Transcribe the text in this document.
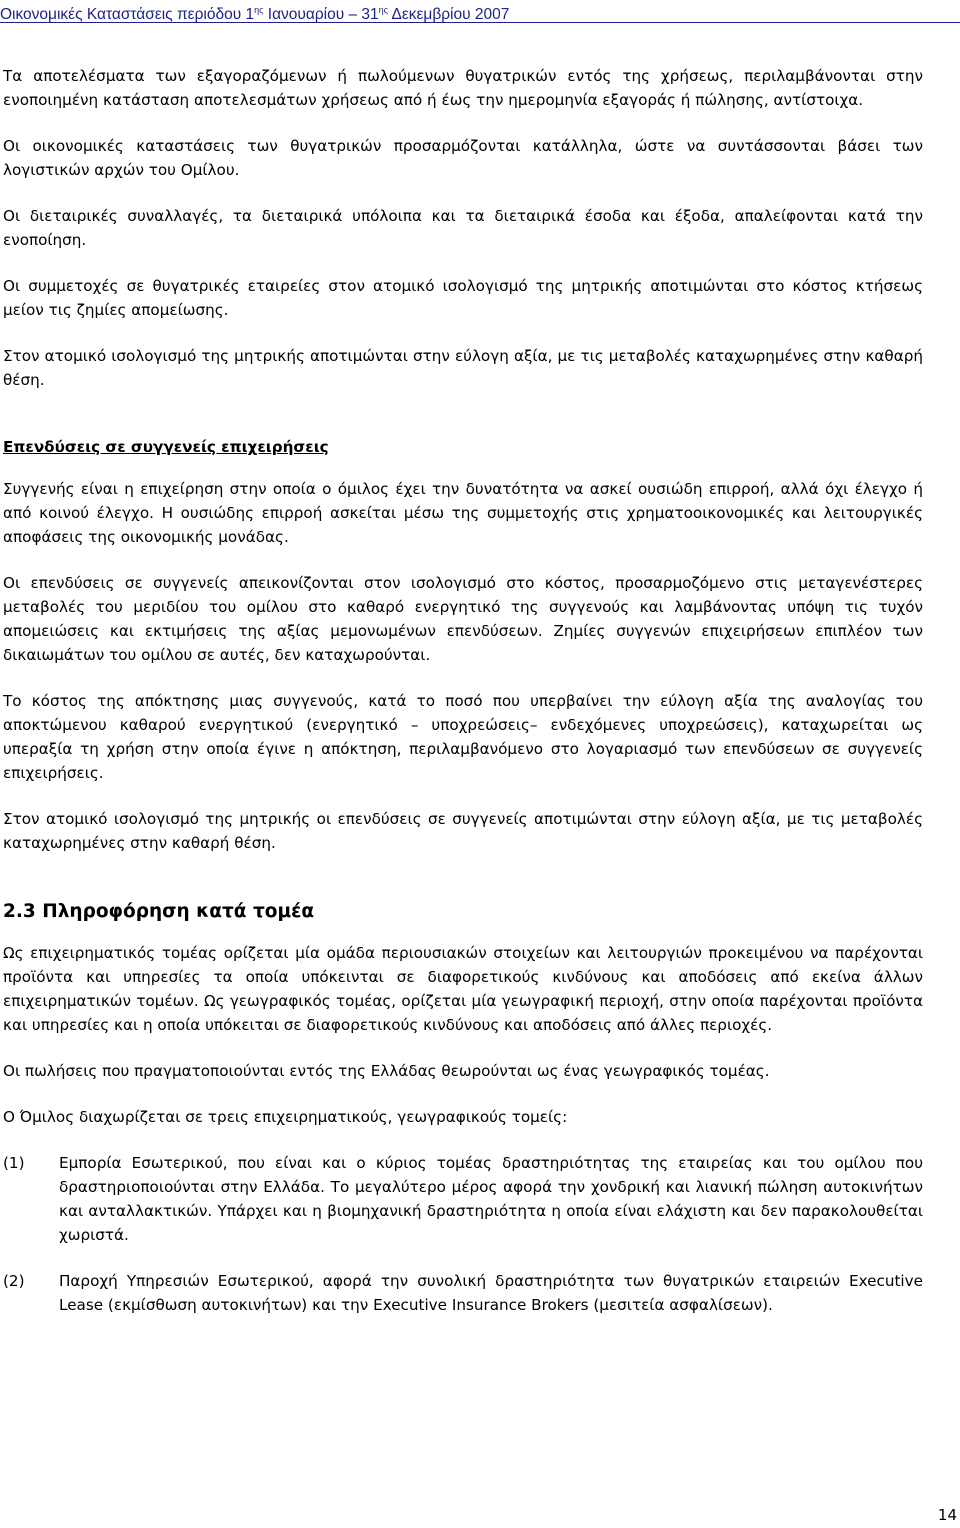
Οικονομικές Καταστάσεις περιόδου $1^{\eta\varsigma}$ Ιανουαρίου – $31^{\eta\varsigma}$ Δεκεμβρίου 2007

Τα αποτελέσματα των εξαγοραζόμενων ή πωλούμενων θυγατρικών εντός της χρήσεως, περιλαμβάνονται στην ενοποιημένη κατάσταση αποτελεσμάτων χρήσεως από ή έως την ημερομηνία εξαγοράς ή πώλησης, αντίστοιχα.

Οι οικονομικές καταστάσεις των θυγατρικών προσαρμόζονται κατάλληλα, ώστε να συντάσσονται βάσει των λογιστικών αρχών του Ομίλου.

Οι διεταιρικές συναλλαγές, τα διεταιρικά υπόλοιπα και τα διεταιρικά έσοδα και έξοδα, απαλείφονται κατά την ενοποίηση.

Οι συμμετοχές σε θυγατρικές εταιρείες στον ατομικό ισολογισμό της μητρικής αποτιμώνται στο κόστος κτήσεως μείον τις ζημίες απομείωσης.

Στον ατομικό ισολογισμό της μητρικής αποτιμώνται στην εύλογη αξία, με τις μεταβολές καταχωρημένες στην καθαρή θέση.

Επενδύσεις σε συγγενείς επιχειρήσεις

Συγγενής είναι η επιχείρηση στην οποία ο όμιλος έχει την δυνατότητα να ασκεί ουσιώδη επιρροή, αλλά όχι έλεγχο ή από κοινού έλεγχο. Η ουσιώδης επιρροή ασκείται μέσω της συμμετοχής στις χρηματοοικονομικές και λειτουργικές αποφάσεις της οικονομικής μονάδας.

Οι επενδύσεις σε συγγενείς απεικονίζονται στον ισολογισμό στο κόστος, προσαρμοζόμενο στις μεταγενέστερες μεταβολές του μεριδίου του ομίλου στο καθαρό ενεργητικό της συγγενούς και λαμβάνοντας υπόψη τις τυχόν απομειώσεις και εκτιμήσεις της αξίας μεμονωμένων επενδύσεων. Ζημίες συγγενών επιχειρήσεων επιπλέον των δικαιωμάτων του ομίλου σε αυτές, δεν καταχωρούνται.

Το κόστος της απόκτησης μιας συγγενούς, κατά το ποσό που υπερβαίνει την εύλογη αξία της αναλογίας του αποκτώμενου καθαρού ενεργητικού (ενεργητικό – υποχρεώσεις– ενδεχόμενες υποχρεώσεις), καταχωρείται ως υπεραξία τη χρήση στην οποία έγινε η απόκτηση, περιλαμβανόμενο στο λογαριασμό των επενδύσεων σε συγγενείς επιχειρήσεις.

Στον ατομικό ισολογισμό της μητρικής οι επενδύσεις σε συγγενείς αποτιμώνται στην εύλογη αξία, με τις μεταβολές καταχωρημένες στην καθαρή θέση.

2.3 Πληροφόρηση κατά τομέα

Ως επιχειρηματικός τομέας ορίζεται μία ομάδα περιουσιακών στοιχείων και λειτουργιών προκειμένου να παρέχονται προϊόντα και υπηρεσίες τα οποία υπόκεινται σε διαφορετικούς κινδύνους και αποδόσεις από εκείνα άλλων επιχειρηματικών τομέων. Ως γεωγραφικός τομέας, ορίζεται μία γεωγραφική περιοχή, στην οποία παρέχονται προϊόντα και υπηρεσίες και η οποία υπόκειται σε διαφορετικούς κινδύνους και αποδόσεις από άλλες περιοχές.

Οι πωλήσεις που πραγματοποιούνται εντός της Ελλάδας θεωρούνται ως ένας γεωγραφικός τομέας.

Ο Όμιλος διαχωρίζεται σε τρεις επιχειρηματικούς, γεωγραφικούς τομείς:

(1)	Εμπορία Εσωτερικού, που είναι και ο κύριος τομέας δραστηριότητας της εταιρείας και του ομίλου που δραστηριοποιούνται στην Ελλάδα. Το μεγαλύτερο μέρος αφορά την χονδρική και λιανική πώληση αυτοκινήτων και ανταλλακτικών. Υπάρχει και η βιομηχανική δραστηριότητα η οποία είναι ελάχιστη και δεν παρακολουθείται χωριστά.
(2)	Παροχή Υπηρεσιών Εσωτερικού, αφορά την συνολική δραστηριότητα των θυγατρικών εταιρειών Executive Lease (εκμίσθωση αυτοκινήτων) και την Executive Insurance Brokers (μεσιτεία ασφαλίσεων).
14
